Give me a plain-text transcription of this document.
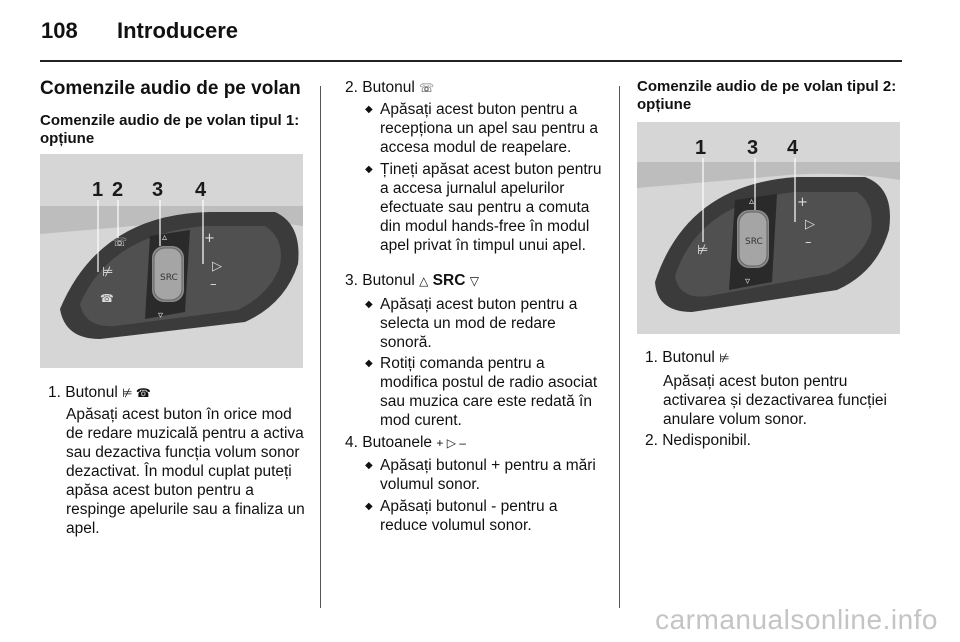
108 Introducere
Comenzile audio de pe volan
Comenzile audio de pe volan tipul 1: opțiune
SRC
▵
▿
+
▷
–
⊭
☎
☏
1 2 3 4
1. Butonul ⊭ ☎
Apăsați acest buton în orice mod de redare muzicală pentru a activa sau dezactiva funcția volum sonor dezactivat. În modul cuplat puteți apăsa acest buton pentru a respinge apelurile sau a finaliza un apel.
2. Butonul ☏
◆ Apăsați acest buton pentru a recepționa un apel sau pentru a accesa modul de reapelare.
◆ Țineți apăsat acest buton pentru a accesa jurnalul apelurilor efectuate sau pentru a comuta din modul hands-free în modul apel privat în timpul unui apel.
3. Butonul △ SRC ▽
◆ Apăsați acest buton pentru a selecta un mod de redare sonoră.
◆ Rotiți comanda pentru a modifica postul de radio asociat sau muzica care este redată în mod curent.
4. Butoanele + ▷ –
◆ Apăsați butonul + pentru a mări volumul sonor.
◆ Apăsați butonul - pentru a reduce volumul sonor.
Comenzile audio de pe volan tipul 2: opțiune
SRC
▵
▿
+
▷
–
⊭
1 3 4
1. Butonul ⊭
Apăsați acest buton pentru activarea și dezactivarea funcției anulare volum sonor.
2. Nedisponibil.
carmanualsonline.info
